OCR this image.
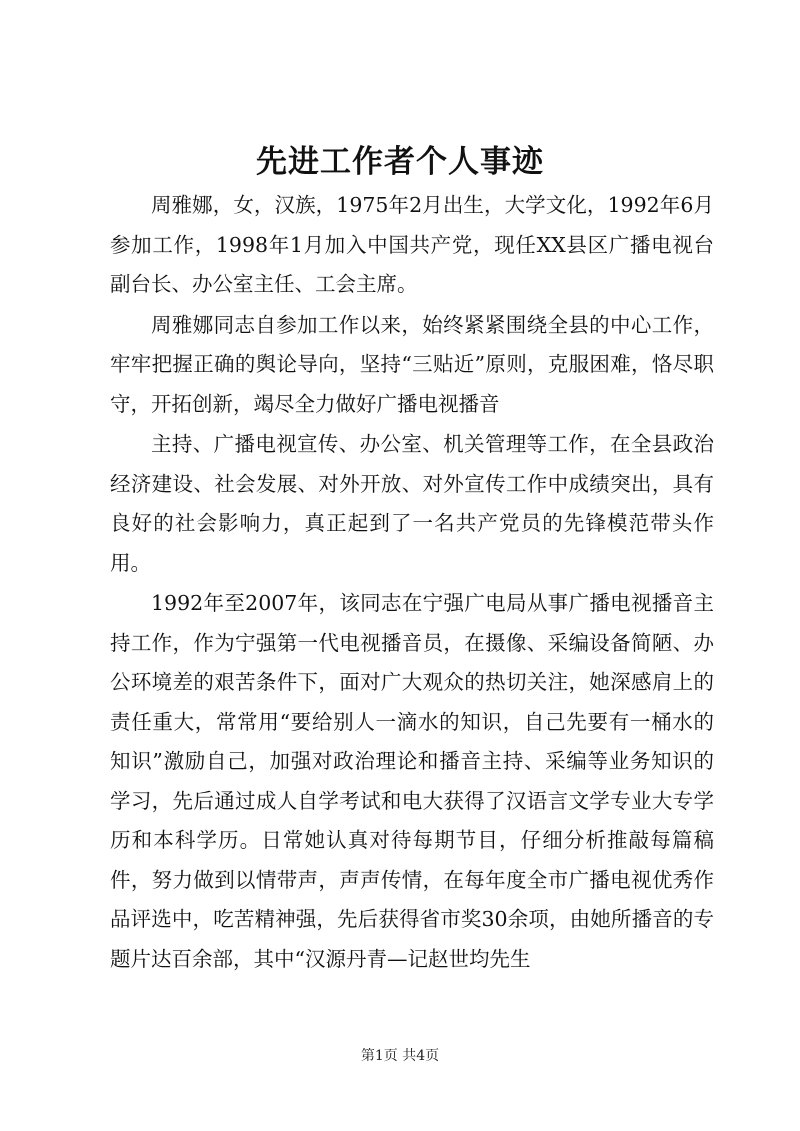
先进工作者个人事迹

周雅娜，女，汉族，1975年2月出生，大学文化，1992年6月参加工作，1998年1月加入中国共产党，现任XX县区广播电视台副台长、办公室主任、工会主席。

周雅娜同志自参加工作以来，始终紧紧围绕全县的中心工作，牢牢把握正确的舆论导向，坚持“三贴近”原则，克服困难，恪尽职守，开拓创新，竭尽全力做好广播电视播音

主持、广播电视宣传、办公室、机关管理等工作，在全县政治经济建设、社会发展、对外开放、对外宣传工作中成绩突出，具有良好的社会影响力，真正起到了一名共产党员的先锋模范带头作用。

1992年至2007年，该同志在宁强广电局从事广播电视播音主持工作，作为宁强第一代电视播音员，在摄像、采编设备简陋、办公环境差的艰苦条件下，面对广大观众的热切关注，她深感肩上的责任重大，常常用“要给别人一滴水的知识，自己先要有一桶水的知识”激励自己，加强对政治理论和播音主持、采编等业务知识的学习，先后通过成人自学考试和电大获得了汉语言文学专业大专学历和本科学历。日常她认真对待每期节目，仔细分析推敲每篇稿件，努力做到以情带声，声声传情，在每年度全市广播电视优秀作品评选中，吃苦精神强，先后获得省市奖30余项，由她所播音的专题片达百余部，其中“汉源丹青—记赵世均先生

第1页 共4页
